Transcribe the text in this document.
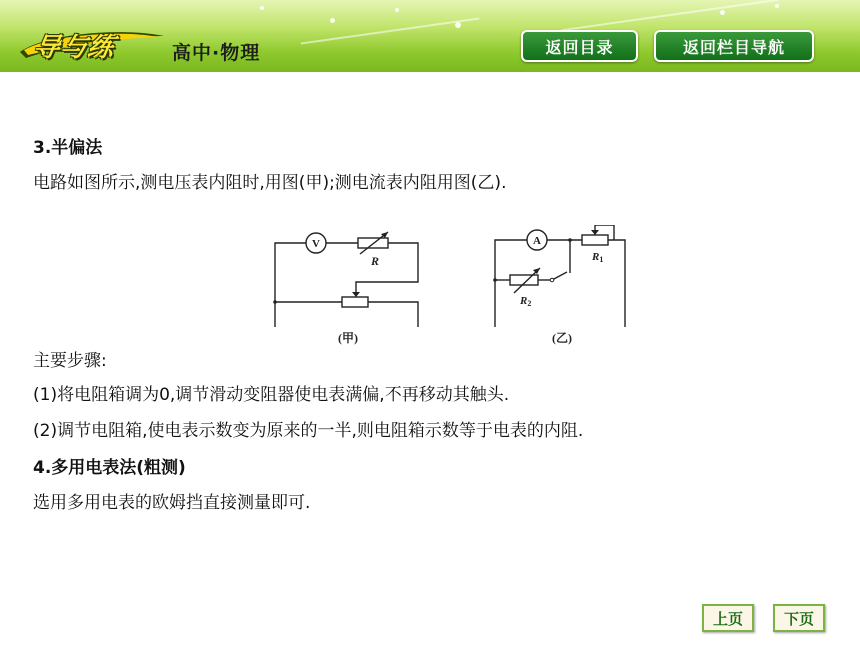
导与练	高中·物理	返回目录	返回栏目导航
3.半偏法
电路如图所示,测电压表内阻时,用图(甲);测电流表内阻用图(乙).
V
R
(甲)
A
R1
R2
(乙)
主要步骤:
(1)将电阻箱调为0,调节滑动变阻器使电表满偏,不再移动其触头.
(2)调节电阻箱,使电表示数变为原来的一半,则电阻箱示数等于电表的内阻.
4.多用电表法(粗测)
选用多用电表的欧姆挡直接测量即可.
上页	下页
